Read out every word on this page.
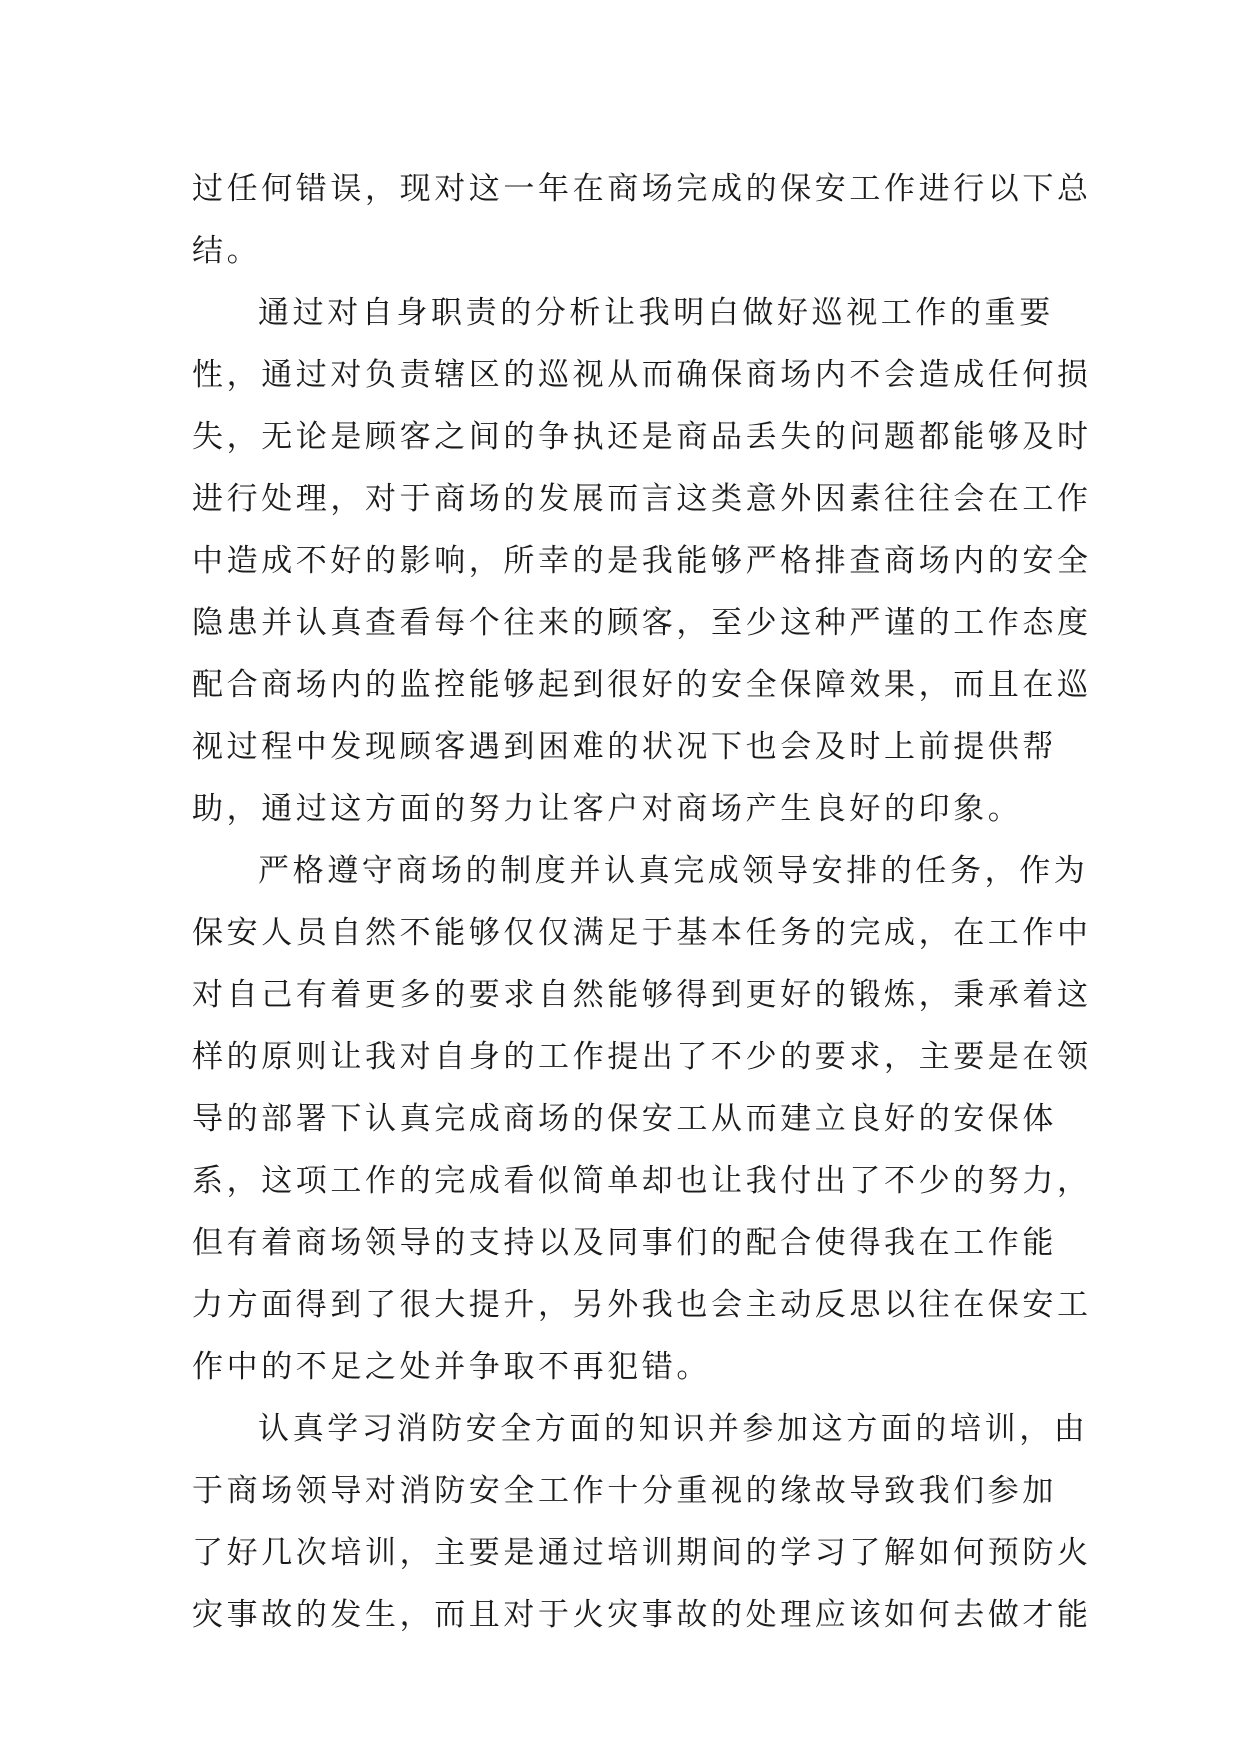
过任何错误，现对这一年在商场完成的保安工作进行以下总
结。
通过对自身职责的分析让我明白做好巡视工作的重要
性，通过对负责辖区的巡视从而确保商场内不会造成任何损
失，无论是顾客之间的争执还是商品丢失的问题都能够及时
进行处理，对于商场的发展而言这类意外因素往往会在工作
中造成不好的影响，所幸的是我能够严格排查商场内的安全
隐患并认真查看每个往来的顾客，至少这种严谨的工作态度
配合商场内的监控能够起到很好的安全保障效果，而且在巡
视过程中发现顾客遇到困难的状况下也会及时上前提供帮
助，通过这方面的努力让客户对商场产生良好的印象。
严格遵守商场的制度并认真完成领导安排的任务，作为
保安人员自然不能够仅仅满足于基本任务的完成，在工作中
对自己有着更多的要求自然能够得到更好的锻炼，秉承着这
样的原则让我对自身的工作提出了不少的要求，主要是在领
导的部署下认真完成商场的保安工从而建立良好的安保体
系，这项工作的完成看似简单却也让我付出了不少的努力，
但有着商场领导的支持以及同事们的配合使得我在工作能
力方面得到了很大提升，另外我也会主动反思以往在保安工
作中的不足之处并争取不再犯错。
认真学习消防安全方面的知识并参加这方面的培训，由
于商场领导对消防安全工作十分重视的缘故导致我们参加
了好几次培训，主要是通过培训期间的学习了解如何预防火
灾事故的发生，而且对于火灾事故的处理应该如何去做才能
